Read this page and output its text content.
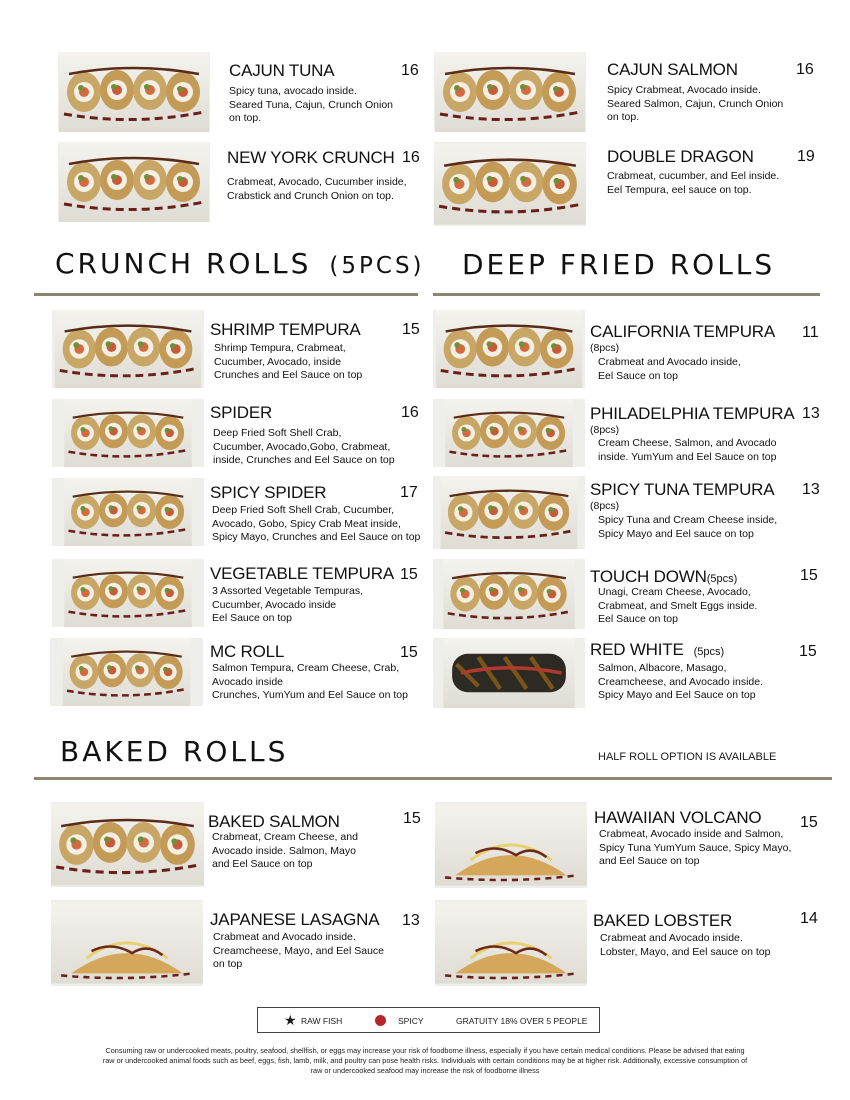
CAJUN TUNA	16
Spicy tuna, avocado inside.
Seared Tuna, Cajun, Crunch Onion
on top.
CAJUN SALMON	16
Spicy Crabmeat, Avocado inside.
Seared Salmon, Cajun, Crunch Onion
on top.
NEW YORK CRUNCH 16
Crabmeat, Avocado, Cucumber inside,
Crabstick and Crunch Onion on top.
DOUBLE DRAGON	19
Crabmeat, cucumber, and Eel inside.
Eel Tempura, eel sauce on top.
CRUNCH ROLLS (5PCS) DEEP FRIED ROLLS
SHRIMP TEMPURA	15
Shrimp Tempura, Crabmeat,
Cucumber, Avocado, inside
Crunches and Eel Sauce on top
SPIDER	16
Deep Fried Soft Shell Crab,
Cucumber, Avocado,Gobo, Crabmeat,
inside, Crunches and Eel Sauce on top
SPICY SPIDER	17
Deep Fried Soft Shell Crab, Cucumber,
Avocado, Gobo, Spicy Crab Meat inside,
Spicy Mayo, Crunches and Eel Sauce on top
VEGETABLE TEMPURA 15
3 Assorted Vegetable Tempuras,
Cucumber, Avocado inside
Eel Sauce on top
MC ROLL	15
Salmon Tempura, Cream Cheese, Crab,
Avocado inside
Crunches, YumYum and Eel Sauce on top
CALIFORNIA TEMPURA 11
(8pcs)
Crabmeat and Avocado inside,
Eel Sauce on top
PHILADELPHIA TEMPURA 13
(8pcs)
Cream Cheese, Salmon, and Avocado
inside. YumYum and Eel Sauce on top
SPICY TUNA TEMPURA 13
(8pcs)
Spicy Tuna and Cream Cheese inside,
Spicy Mayo and Eel sauce on top
TOUCH DOWN(5pcs)	15
Unagi, Cream Cheese, Avocado,
Crabmeat, and Smelt Eggs inside.
Eel Sauce on top
RED WHITE (5pcs)	15
Salmon, Albacore, Masago,
Creamcheese, and Avocado inside.
Spicy Mayo and Eel Sauce on top
BAKED ROLLS	HALF ROLL OPTION IS AVAILABLE
BAKED SALMON	15
Crabmeat, Cream Cheese, and
Avocado inside. Salmon, Mayo
and Eel Sauce on top
HAWAIIAN VOLCANO 15
Crabmeat, Avocado inside and Salmon,
Spicy Tuna YumYum Sauce, Spicy Mayo,
and Eel Sauce on top
JAPANESE LASAGNA 13
Crabmeat and Avocado inside.
Creamcheese, Mayo, and Eel Sauce
on top
BAKED LOBSTER	14
Crabmeat and Avocado inside.
Lobster, Mayo, and Eel sauce on top
★ RAW FISH	SPICY	GRATUITY 18% OVER 5 PEOPLE
Consuming raw or undercooked meats, poultry, seafood, shellfish, or eggs may increase your risk of foodborne illness, especially if you have certain medical conditions. Please be advised that eating raw or undercooked animal foods such as beef, eggs, fish, lamb, milk, and poultry can pose health risks. Individuals with certain conditions may be at higher risk. Additionally, excessive consumption of raw or undercooked seafood may increase the risk of foodborne illness
